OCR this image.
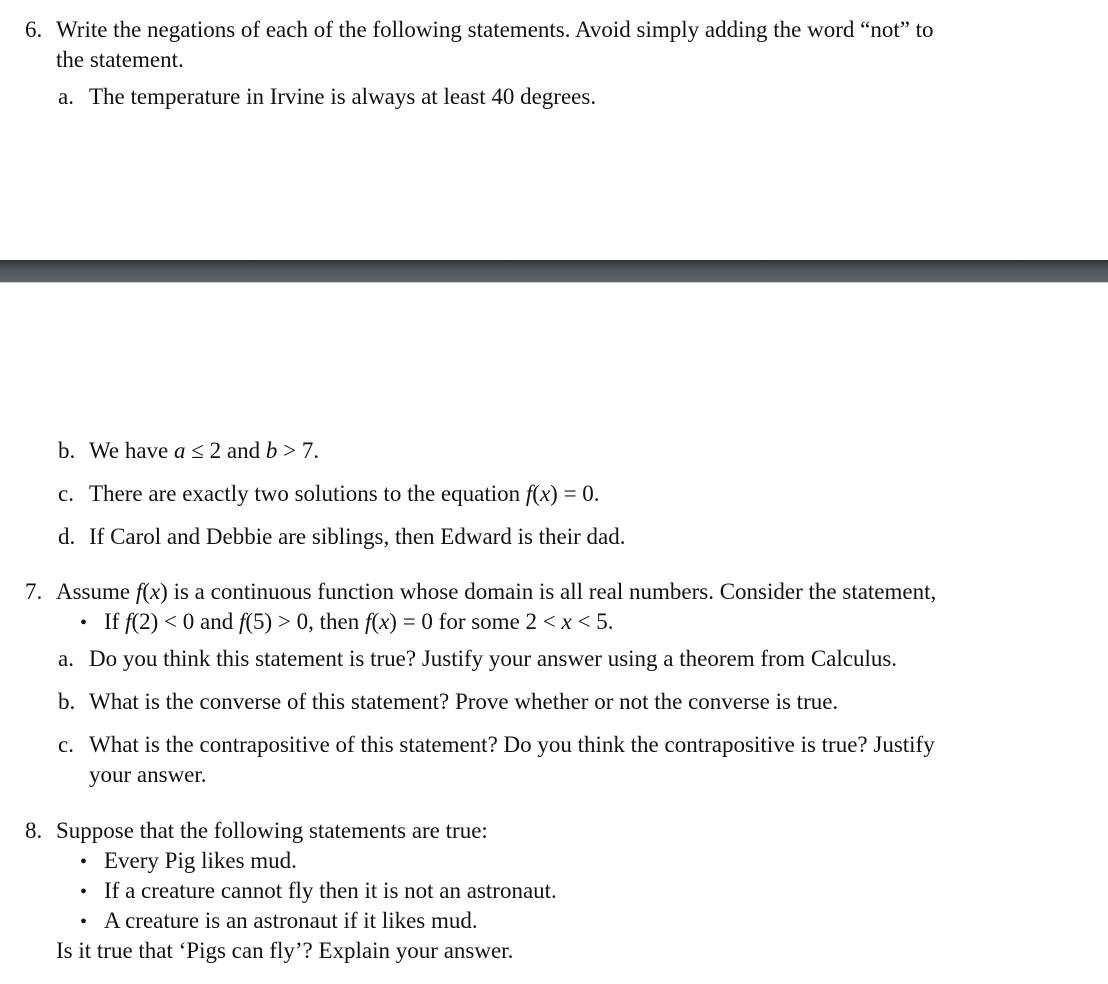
6. Write the negations of each of the following statements. Avoid simply adding the word “not” to
the statement.
a. The temperature in Irvine is always at least 40 degrees.
b. We have a ≤ 2 and b > 7.
c. There are exactly two solutions to the equation f(x) = 0.
d. If Carol and Debbie are siblings, then Edward is their dad.
7. Assume f(x) is a continuous function whose domain is all real numbers. Consider the statement,
• If f(2) < 0 and f(5) > 0, then f(x) = 0 for some 2 < x < 5.
a. Do you think this statement is true? Justify your answer using a theorem from Calculus.
b. What is the converse of this statement? Prove whether or not the converse is true.
c. What is the contrapositive of this statement? Do you think the contrapositive is true? Justify
your answer.
8. Suppose that the following statements are true:
• Every Pig likes mud.
• If a creature cannot fly then it is not an astronaut.
• A creature is an astronaut if it likes mud.
Is it true that ‘Pigs can fly’? Explain your answer.
